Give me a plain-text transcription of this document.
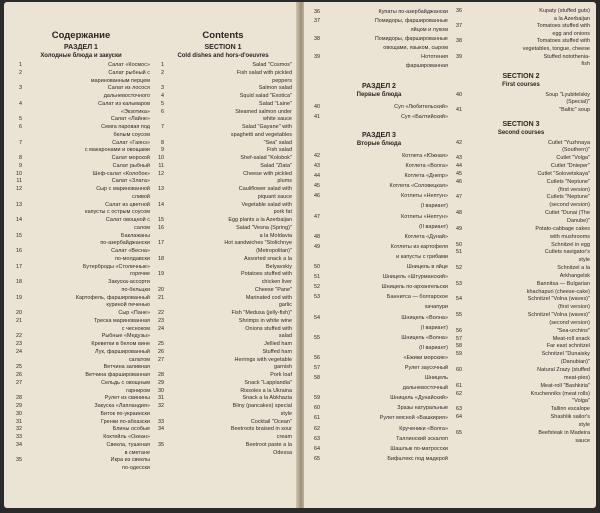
Содержание
РАЗДЕЛ 1
Холодные блюда и закуски
1	Салат «Космос»
2	Салат рыбный с
маринованным перцем
3	Салат из лосося
дальневосточного
4	Салат из кальмаров
«Экзотика»
5	Салат «Лайне»
6	Семга паровая под
белым соусом
7	Салат «Гаянэ»
с макаронами и овощами
8	Салат морской
9	Салат рыбный
10	Шеф-салат «Колобок»
11	Салат «Злата»
12	Сыр с маринованной
сливой
13	Салат из цветной
капусты с острым соусом
14	Салат овощной с
салом
15	Баклажаны
по-азербайджански
16	Салат «Весна»
по-молдавски
17	Бутерброды «Столичные»
горячие
18	Закуска-ассорти
по-бельцки
19	Картофель, фаршированный
куриной печенью
20	Сыр «Пане»
21	Треска маринованная
с чесноком
22	Рыбные «Медузы»
23	Креветки в белом вине
24	Лук, фаршированный
салатом
25	Ветчина заливная
26	Ветчина фаршированная
27	Сельдь с овощным
гарниром
28	Рулет из свинины
29	Закуска «Лапландия»
30	Биток по-украински
31	Гренки по-абхазски
32	Блины особые
33	Коктейль «Океан»
34	Свекла, тушеная
в сметане
35	Икра из свеклы
по-одесски
Contents
SECTION 1
Cold dishes and hors-d'oeuvres
1	Salad "Cosmos"
2	Fish salad with pickled
peppers
3	Salmon salad
4	Squid salad "Exotica"
5	Salad "Laine"
6	Steamed salmon under
white sauce
7	Salad "Gayane" with
spaghetti and vegetables
8	"Sea" salad
9	Fish salad
10	Shef-salad "Kolobok"
11	Salad "Zlata"
12	Cheese with pickled
plums
13	Cauliflower salad with
piquant sauce
14	Vegetable salad with
pork fat
15	Egg plants a la Azerbaijan
16	Salad "Vesna (Spring)"
a la Moldavia
17	Hot sandwiches "Stolichnye
(Metropolitan)"
18	Assorted snack a la
Belyavskiy
19	Potatoes stuffed with
chicken liver
20	Cheese "Pane"
21	Marinated cod with
garlic
22	Fish "Medusa (jelly-fish)"
23	Shrimps in white wine
24	Onions stuffed with
salad
25	Jellied ham
26	Stuffed ham
27	Herrings with vegetable
garnish
28	Pork loaf
29	Snack "Lapplandia"
30	Rissoles a la Ukraina
31	Snack a la Abkhazia
32	Bliny (pancakes) special
style
33	Cocktail "Ocean"
34	Beetroots braised in sour
cream
35	Beetroot paste a la
Odessa
36	Купаты по-азербайджански
37	Помидоры, фаршированные
яйцом и луком
38	Помидоры, фаршированные
овощами, языком, сыром
39	Нототения
фаршированная
РАЗДЕЛ 2
Первые блюда
40	Суп «Любительский»
41	Суп «Балтийский»
РАЗДЕЛ 3
Вторые блюда
42	Котлета «Южная»
43	Котлета «Волга»
44	Котлета «Днепр»
45	Котлета «Соловецкая»
46	Котлеты «Нептун»
(I вариант)
47	Котлеты «Нептун»
(II вариант)
48	Котлета «Дунай»
49	Котлеты из картофеля
и капусты с грибами
50	Шницель в яйце
51	Шницель «Штурманский»
52	Шницель по-архангельски
53	Баннитса — болгарское
хачапури
54	Шницель «Волна»
(I вариант)
55	Шницель «Волна»
(II вариант)
56	«Ежики морские»
57	Рулет заусочный
58	Шницель
дальневосточный
59	Шницель «Дунайский»
60	Зразы натуральные
61	Рулет мясной «Башкирия»
62	Крученики «Волга»
63	Таллинский эскалоп
64	Шашлык по-матросски
65	Бифштекс под мадерой
36	Kupaty (stuffed guts)
a la Azerbaijan
37	Tomatoes stuffed with
egg and onions
38	Tomatoes stuffed with
vegetables, tongue, cheese
39	Stuffed notothenia-
fish
SECTION 2
First courses
40	Soup "Lyubitelskiy
(Special)"
41	"Baltic" soup
SECTION 3
Second courses
42	Cutlet "Yuzhnaya
(Southern)"
43	Cutlet "Volga"
44	Cutlet "Dnieper"
45	Cutlet "Solovetskaya"
46	Cutlets "Neptune"
(first version)
47	Cutlets "Neptune"
(second version)
48	Cutlet "Dunai (The
Danube)"
49	Potato-cabbage cakes
with mushrooms
50	Schnitzel in egg
51	Cutlets navigator's
style
52	Schnitzel a la
Arkhangelsk
53	Bannitsa — Bulgarian
khachapuri (cheese-cake)
54	Schnitzel "Volna (waves)"
(first version)
55	Schnitzel "Volna (waves)"
(second version)
56	"Sea-urchins"
57	Meat-roll snack
58	Far east schnitzel
59	Schnitzel "Dunaisky
(Danubian)"
60	Natural Zrazy (stuffed
meat-pies)
61	Meat-roll "Bashkiria"
62	Kruchenniks (meat rolls)
"Volga"
63	Tallinn escalope
64	Shashlik sailor's
style
65	Beefsteak in Madeira
sauce
